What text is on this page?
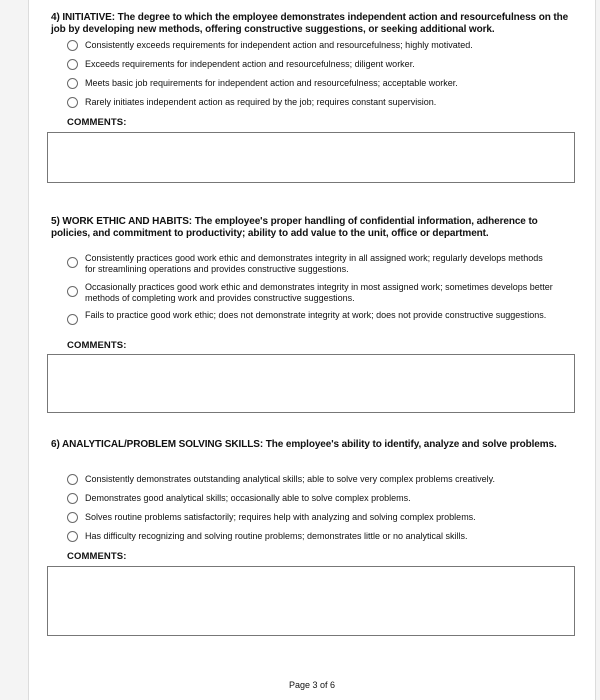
4) INITIATIVE: The degree to which the employee demonstrates independent action and resourcefulness on the job by developing new methods, offering constructive suggestions, or seeking additional work.
Consistently exceeds requirements for independent action and resourcefulness; highly motivated.
Exceeds requirements for independent action and resourcefulness; diligent worker.
Meets basic job requirements for independent action and resourcefulness; acceptable worker.
Rarely initiates independent action as required by the job; requires constant supervision.
COMMENTS:
5) WORK ETHIC AND HABITS: The employee's proper handling of confidential information, adherence to policies, and commitment to productivity; ability to add value to the unit, office or department.
Consistently practices good work ethic and demonstrates integrity in all assigned work; regularly develops methods for streamlining operations and provides constructive suggestions.
Occasionally practices good work ethic and demonstrates integrity in most assigned work; sometimes develops better methods of completing work and provides constructive suggestions.
Fails to practice good work ethic; does not demonstrate integrity at work; does not provide constructive suggestions.
COMMENTS:
6) ANALYTICAL/PROBLEM SOLVING SKILLS: The employee's ability to identify, analyze and solve problems.
Consistently demonstrates outstanding analytical skills; able to solve very complex problems creatively.
Demonstrates good analytical skills; occasionally able to solve complex problems.
Solves routine problems satisfactorily; requires help with analyzing and solving complex problems.
Has difficulty recognizing and solving routine problems; demonstrates little or no analytical skills.
COMMENTS:
Page 3 of 6
